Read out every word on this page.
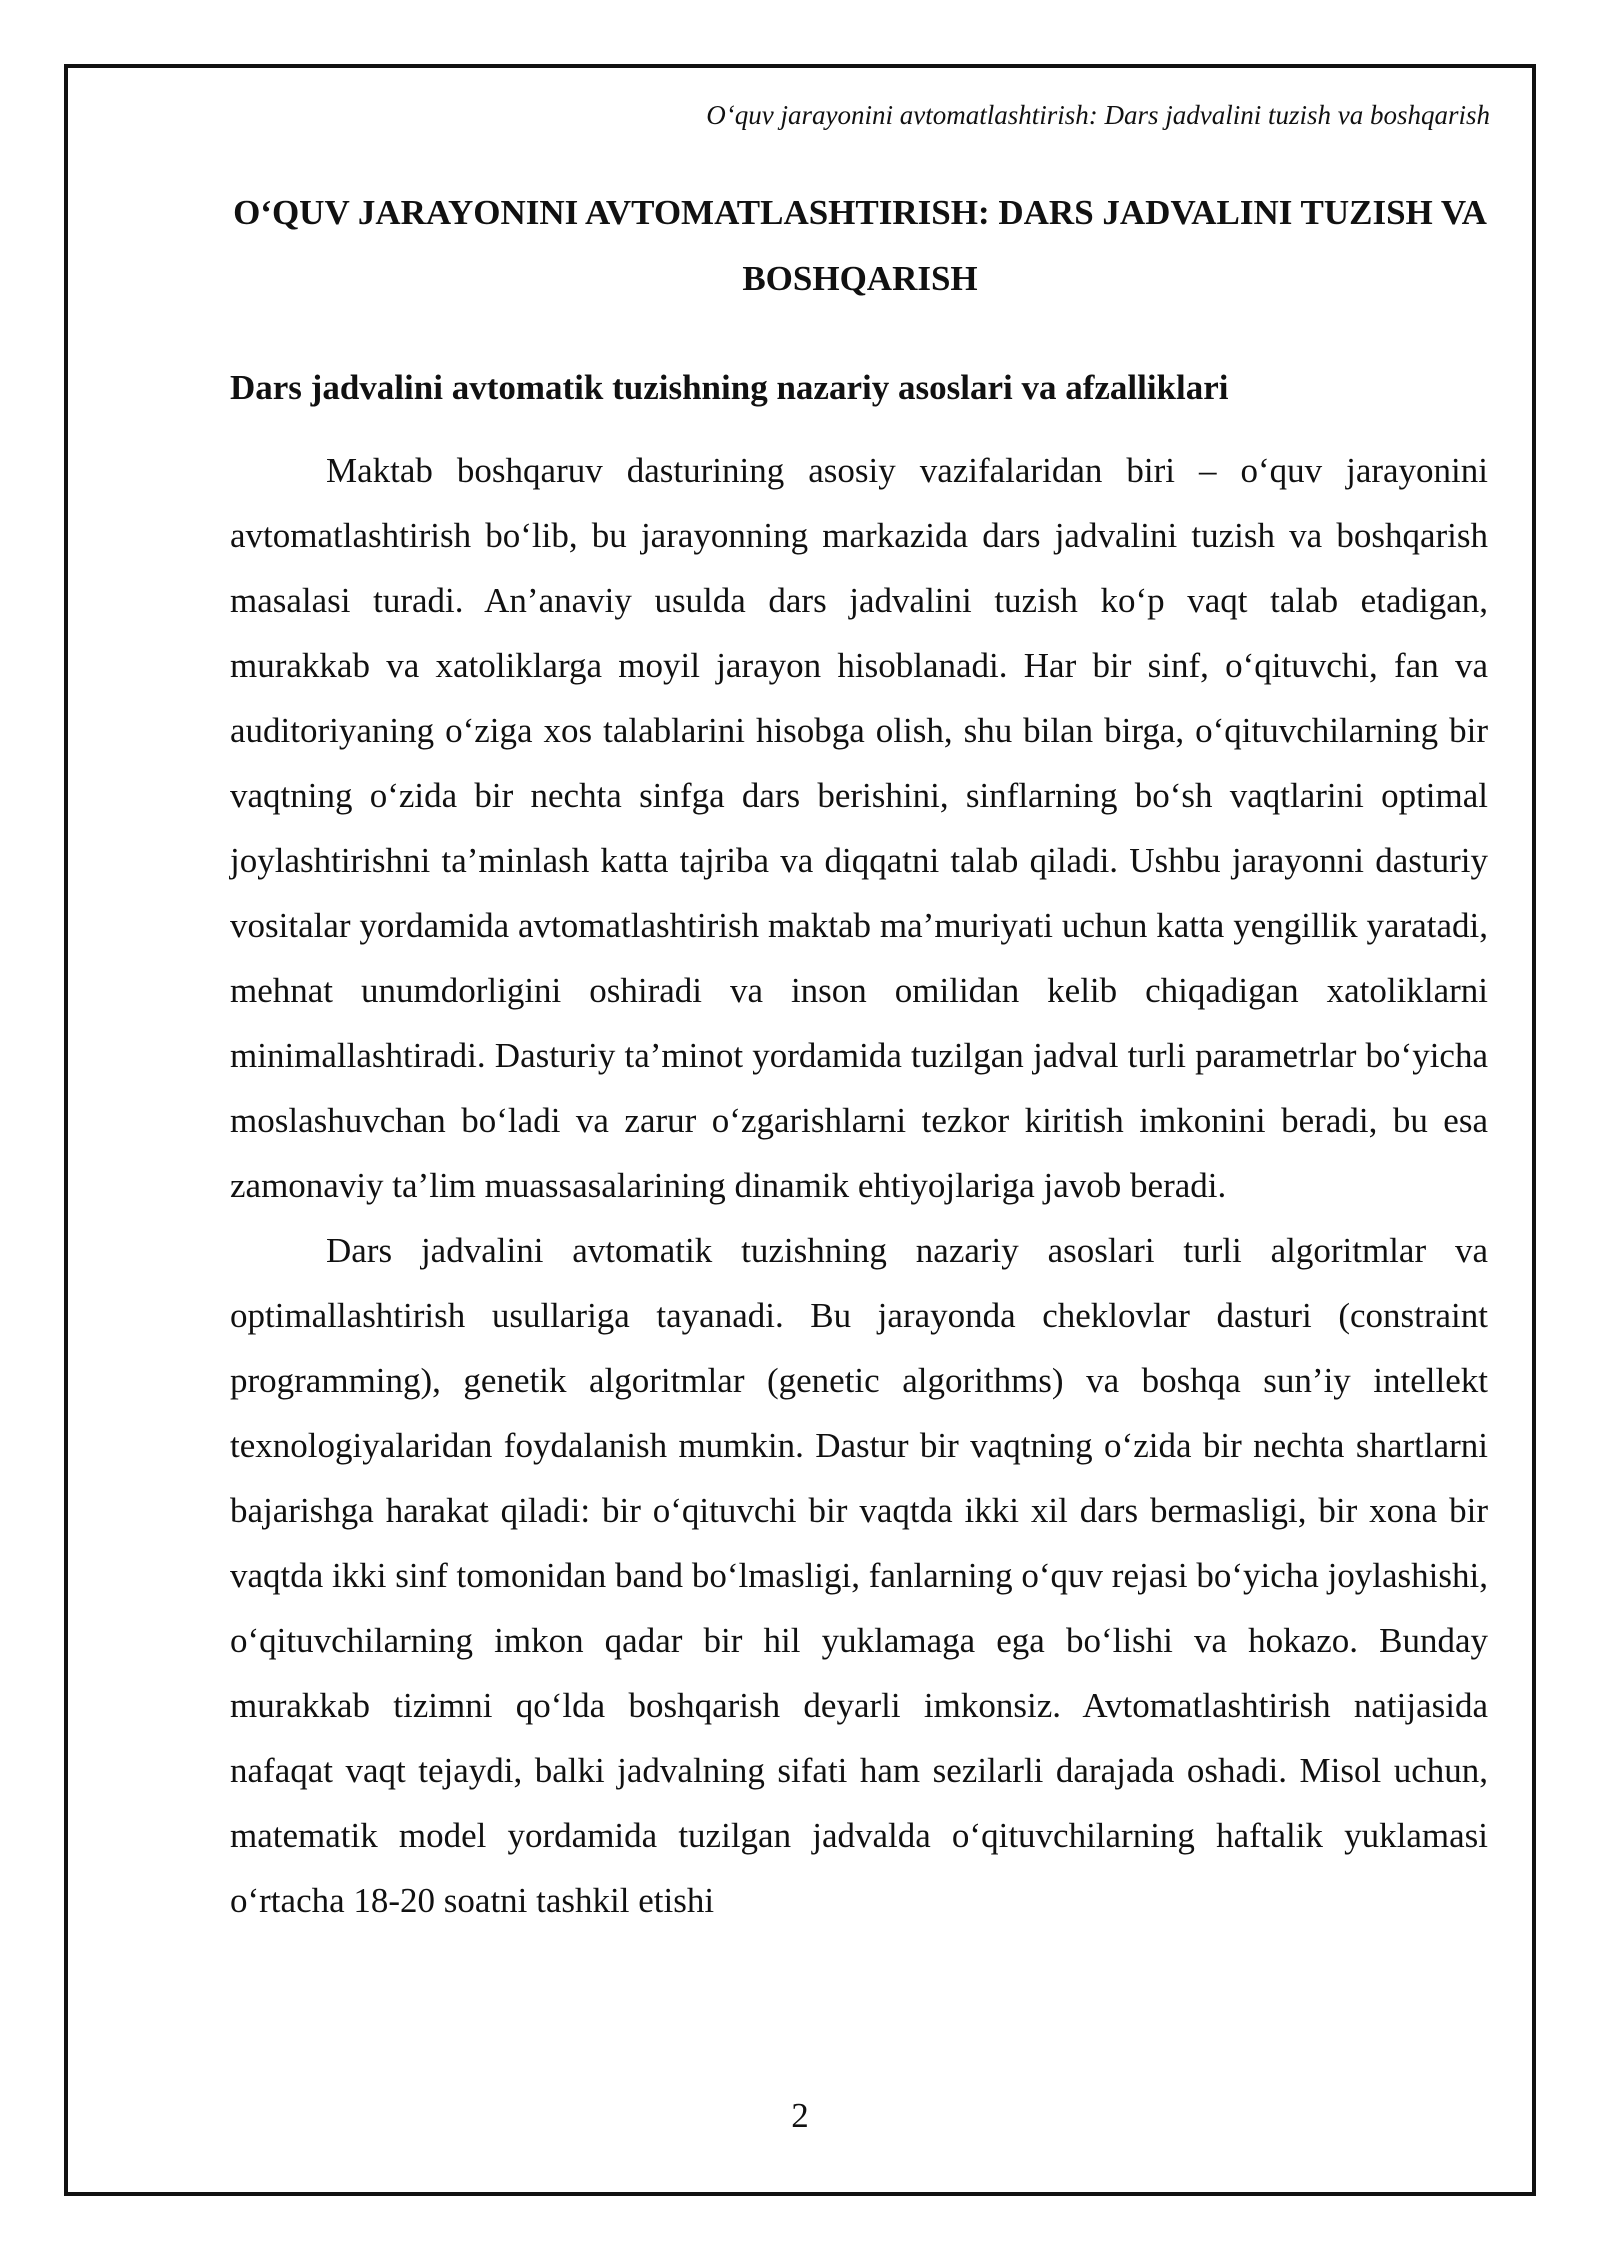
O‘quv jarayonini avtomatlashtirish: Dars jadvalini tuzish va boshqarish
O‘QUV JARAYONINI AVTOMATLASHTIRISH: DARS JADVALINI TUZISH VA BOSHQARISH
Dars jadvalini avtomatik tuzishning nazariy asoslari va afzalliklari

Maktab boshqaruv dasturining asosiy vazifalaridan biri – o‘quv jarayonini avtomatlashtirish bo‘lib, bu jarayonning markazida dars jadvalini tuzish va boshqarish masalasi turadi. An’anaviy usulda dars jadvalini tuzish ko‘p vaqt talab etadigan, murakkab va xatoliklarga moyil jarayon hisoblanadi. Har bir sinf, o‘qituvchi, fan va auditoriyaning o‘ziga xos talablarini hisobga olish, shu bilan birga, o‘qituvchilarning bir vaqtning o‘zida bir nechta sinfga dars berishini, sinflarning bo‘sh vaqtlarini optimal joylashtirishni ta’minlash katta tajriba va diqqatni talab qiladi. Ushbu jarayonni dasturiy vositalar yordamida avtomatlashtirish maktab ma’muriyati uchun katta yengillik yaratadi, mehnat unumdorligini oshiradi va inson omilidan kelib chiqadigan xatoliklarni minimallashtiradi. Dasturiy ta’minot yordamida tuzilgan jadval turli parametrlar bo‘yicha moslashuvchan bo‘ladi va zarur o‘zgarishlarni tezkor kiritish imkonini beradi, bu esa zamonaviy ta’lim muassasalarining dinamik ehtiyojlariga javob beradi.

Dars jadvalini avtomatik tuzishning nazariy asoslari turli algoritmlar va optimallashtirish usullariga tayanadi. Bu jarayonda cheklovlar dasturi (constraint programming), genetik algoritmlar (genetic algorithms) va boshqa sun’iy intellekt texnologiyalaridan foydalanish mumkin. Dastur bir vaqtning o‘zida bir nechta shartlarni bajarishga harakat qiladi: bir o‘qituvchi bir vaqtda ikki xil dars bermasligi, bir xona bir vaqtda ikki sinf tomonidan band bo‘lmasligi, fanlarning o‘quv rejasi bo‘yicha joylashishi, o‘qituvchilarning imkon qadar bir hil yuklamaga ega bo‘lishi va hokazo. Bunday murakkab tizimni qo‘lda boshqarish deyarli imkonsiz. Avtomatlashtirish natijasida nafaqat vaqt tejaydi, balki jadvalning sifati ham sezilarli darajada oshadi. Misol uchun, matematik model yordamida tuzilgan jadvalda o‘qituvchilarning haftalik yuklamasi o‘rtacha 18-20 soatni tashkil etishi

2
